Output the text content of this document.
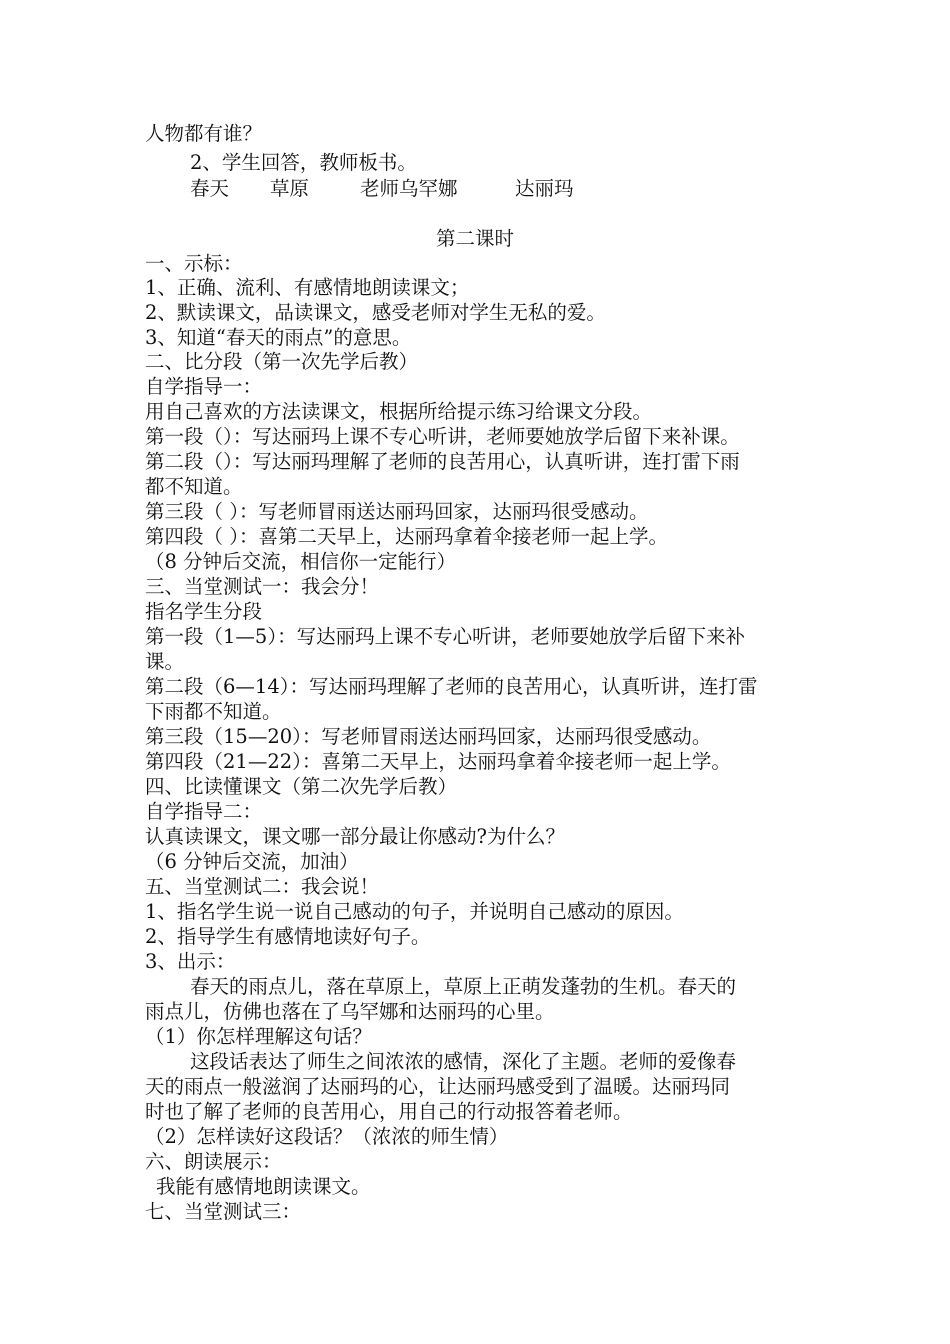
人物都有谁？
2、学生回答，教师板书。
春天 草原	老师乌罕娜	达丽玛
第二课时
一、示标：
1、正确、流利、有感情地朗读课文；
2、默读课文，品读课文，感受老师对学生无私的爱。
3、知道“春天的雨点”的意思。
二、比分段（第一次先学后教）
自学指导一：
用自己喜欢的方法读课文，根据所给提示练习给课文分段。
第一段（）：写达丽玛上课不专心听讲，老师要她放学后留下来补课。
第二段（）：写达丽玛理解了老师的良苦用心，认真听讲，连打雷下雨
都不知道。
第三段（ ）：写老师冒雨送达丽玛回家，达丽玛很受感动。
第四段（ ）：喜第二天早上，达丽玛拿着伞接老师一起上学。
（8 分钟后交流，相信你一定能行）
三、当堂测试一：我会分！
指名学生分段
第一段（1—5）：写达丽玛上课不专心听讲，老师要她放学后留下来补
课。
第二段（6—14）：写达丽玛理解了老师的良苦用心，认真听讲，连打雷
下雨都不知道。
第三段（15—20）：写老师冒雨送达丽玛回家，达丽玛很受感动。
第四段（21—22）：喜第二天早上，达丽玛拿着伞接老师一起上学。
四、比读懂课文（第二次先学后教）
自学指导二：
认真读课文，课文哪一部分最让你感动?为什么？
（6 分钟后交流，加油）
五、当堂测试二：我会说！
1、指名学生说一说自己感动的句子，并说明自己感动的原因。
2、指导学生有感情地读好句子。
3、出示：
春天的雨点儿，落在草原上，草原上正萌发蓬勃的生机。春天的
雨点儿，仿佛也落在了乌罕娜和达丽玛的心里。
（1）你怎样理解这句话？
这段话表达了师生之间浓浓的感情，深化了主题。老师的爱像春
天的雨点一般滋润了达丽玛的心，让达丽玛感受到了温暖。达丽玛同
时也了解了老师的良苦用心，用自己的行动报答着老师。
（2）怎样读好这段话？（浓浓的师生情）
六、朗读展示：
我能有感情地朗读课文。
七、当堂测试三：
